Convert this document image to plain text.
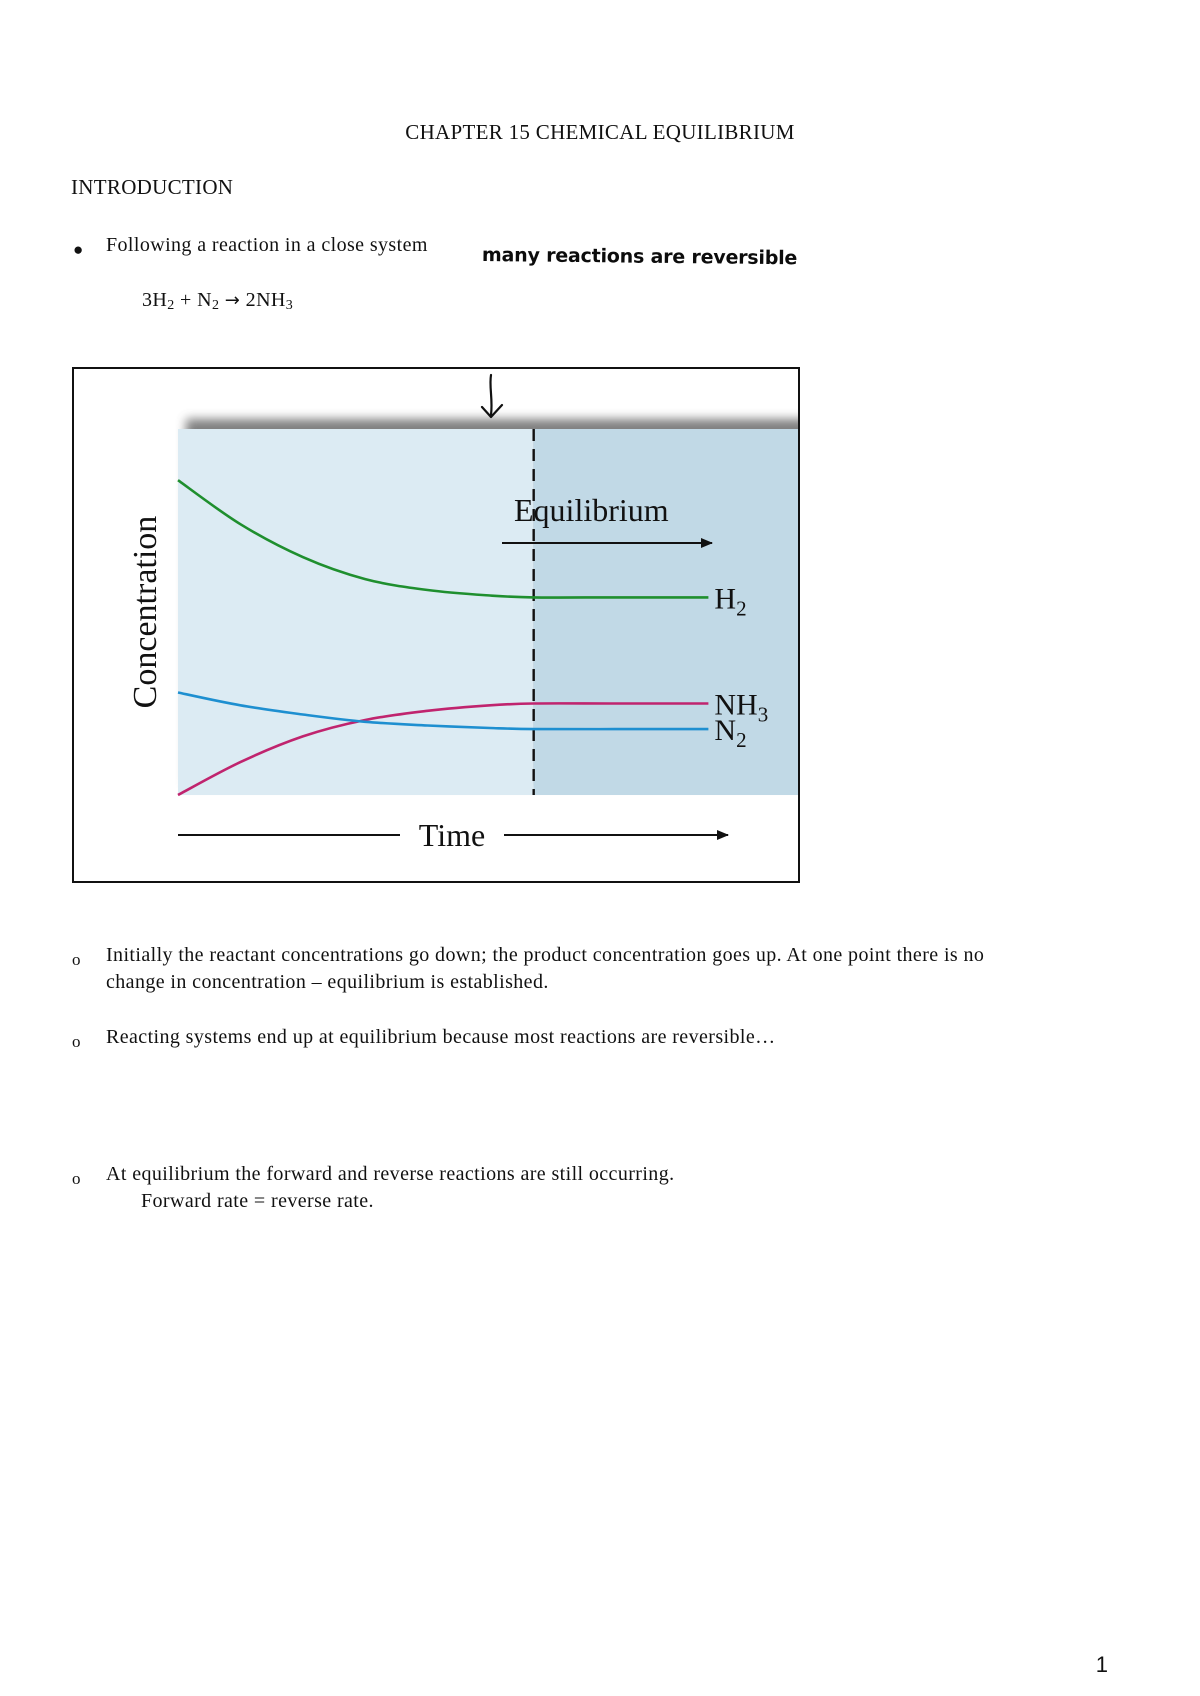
CHAPTER 15 CHEMICAL EQUILIBRIUM
INTRODUCTION
● Following a reaction in a close system	many reactions are reversible
$3H_2 + N_2 \to 2NH_3$
Equilibrium
$H_2$
$NH_3$
$N_2$
Concentration
Time
o Initially the reactant concentrations go down; the product concentration goes up. At one point there is no
change in concentration – equilibrium is established.
o Reacting systems end up at equilibrium because most reactions are reversible…
o At equilibrium the forward and reverse reactions are still occurring.
Forward rate = reverse rate.
1
